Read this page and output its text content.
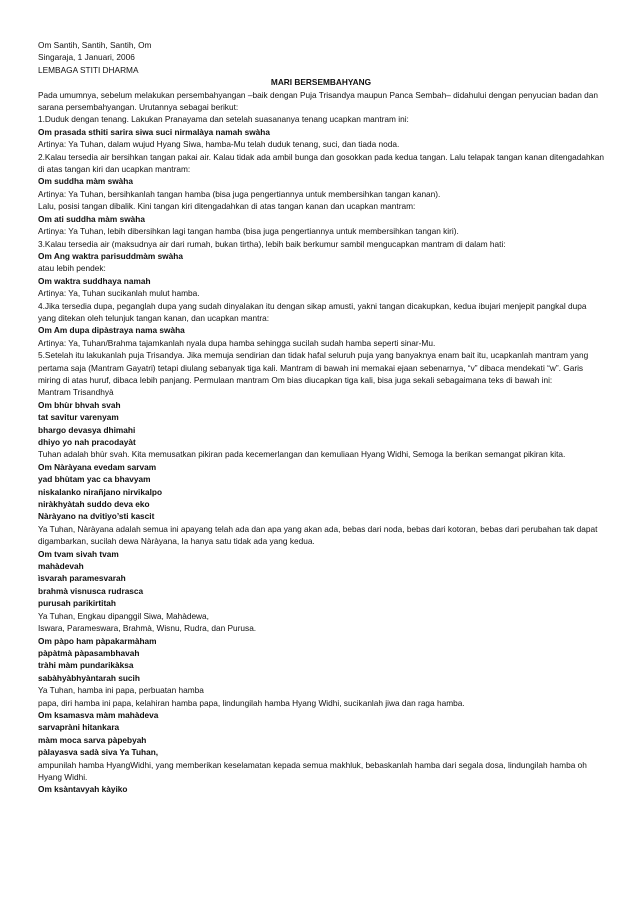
Om Santih, Santih, Santih, Om

Singaraja, 1 Januari, 2006

LEMBAGA STITI DHARMA

MARI BERSEMBAHYANG

Pada umumnya, sebelum melakukan persembahyangan –baik dengan Puja Trisandya maupun Panca Sembah– didahului dengan penyucian badan dan sarana persembahyangan. Urutannya sebagai berikut:

1.Duduk dengan tenang. Lakukan Pranayama dan setelah suasananya tenang ucapkan mantram ini:

Om prasada sthiti sarira siwa suci nirmalàya namah swàha

Artinya: Ya Tuhan, dalam wujud Hyang Siwa, hamba-Mu telah duduk tenang, suci, dan tiada noda.

2.Kalau tersedia air bersihkan tangan pakai air. Kalau tidak ada ambil bunga dan gosokkan pada kedua tangan. Lalu telapak tangan kanan ditengadahkan di atas tangan kiri dan ucapkan mantram:

Om suddha màm swàha

Artinya: Ya Tuhan, bersihkanlah tangan hamba (bisa juga pengertiannya untuk membersihkan tangan kanan).

Lalu, posisi tangan dibalik. Kini tangan kiri ditengadahkan di atas tangan kanan dan ucapkan mantram:

Om ati suddha màm swàha

Artinya: Ya Tuhan, lebih dibersihkan lagi tangan hamba (bisa juga pengertiannya untuk membersihkan tangan kiri).

3.Kalau tersedia air (maksudnya air dari rumah, bukan tirtha), lebih baik berkumur sambil mengucapkan mantram di dalam hati:

Om Ang waktra parisuddmàm swàha

atau lebih pendek:

Om waktra suddhaya namah

Artinya: Ya, Tuhan sucikanlah mulut hamba.

4.Jika tersedia dupa, peganglah dupa yang sudah dinyalakan itu dengan sikap amusti, yakni tangan dicakupkan, kedua ibujari menjepit pangkal dupa yang ditekan oleh telunjuk tangan kanan, dan ucapkan mantra:

Om Am dupa dipàstraya nama swàha

Artinya: Ya, Tuhan/Brahma tajamkanlah nyala dupa hamba sehingga sucilah sudah hamba seperti sinar-Mu.

5.Setelah itu lakukanlah puja Trisandya. Jika memuja sendirian dan tidak hafal seluruh puja yang banyaknya enam bait itu, ucapkanlah mantram yang pertama saja (Mantram Gayatri) tetapi diulang sebanyak tiga kali. Mantram di bawah ini memakai ejaan sebenarnya, “v” dibaca mendekati “w”. Garis miring di atas huruf, dibaca lebih panjang. Permulaan mantram Om bias diucapkan tiga kali, bisa juga sekali sebagaimana teks di bawah ini:

Mantram Trisandhyà

Om bhùr bhvah svah

tat savitur varenyam

bhargo devasya dhimahi

dhiyo yo nah pracodayàt

Tuhan adalah bhùr svah. Kita memusatkan pikiran pada kecemerlangan dan kemuliaan Hyang Widhi, Semoga Ia berikan semangat pikiran kita.

Om Nàràyana evedam sarvam

yad bhùtam yac ca bhavyam

niskalanko nirañjano nirvikalpo

niràkhyàtah suddo deva eko

Nàràyano na dvitiyo’sti kascit

Ya Tuhan, Nàràyana adalah semua ini apayang telah ada dan apa yang akan ada, bebas dari noda, bebas dari kotoran, bebas dari perubahan tak dapat digambarkan, sucilah dewa Nàràyana, Ia hanya satu tidak ada yang kedua.

Om tvam sivah tvam

mahàdevah

ìsvarah paramesvarah

brahmà visnusca rudrasca

purusah parikirtitah

Ya Tuhan, Engkau dipanggil Siwa, Mahàdewa,

Iswara, Parameswara, Brahmà, Wisnu, Rudra, dan Purusa.

Om pàpo ham pàpakarmàham

pàpàtmà pàpasambhavah

tràhi màm pundarikàksa

sabàhyàbhyàntarah sucih

Ya Tuhan, hamba ini papa, perbuatan hamba

papa, diri hamba ini papa, kelahiran hamba papa, lindungilah hamba Hyang Widhi, sucikanlah jiwa dan raga hamba.

Om ksamasva màm mahàdeva

sarvapràni hitankara

màm moca sarva pàpebyah

pàlayasva sadà siva Ya Tuhan,

ampunilah hamba HyangWidhi, yang memberikan keselamatan kepada semua makhluk, bebaskanlah hamba dari segala dosa, lindungilah hamba oh Hyang Widhi.

Om ksàntavyah kàyiko
